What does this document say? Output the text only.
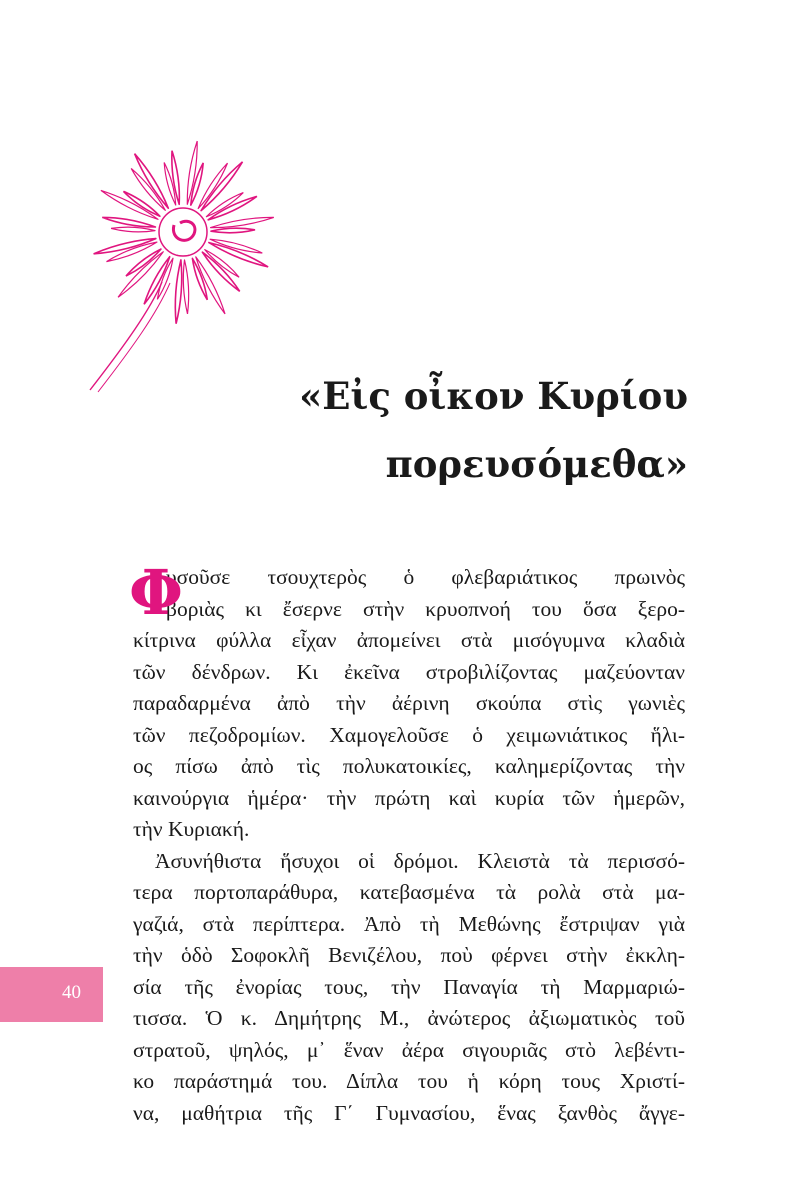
«Εἰς οἶκον Κυρίου
πορευσόμεθα»
Φ
υσοῦσε τσουχτερὸς ὁ φλεβαριάτικος πρωινὸς
βοριὰς κι ἔσερνε στὴν κρυοπνοή του ὅσα ξερο-
κίτρινα φύλλα εἶχαν ἀπομείνει στὰ μισόγυμνα κλαδιὰ
τῶν δένδρων. Κι ἐκεῖνα στροβιλίζοντας μαζεύονταν
παραδαρμένα ἀπὸ τὴν ἀέρινη σκούπα στὶς γωνιὲς
τῶν πεζοδρομίων. Χαμογελοῦσε ὁ χειμωνιάτικος ἥλι-
ος πίσω ἀπὸ τὶς πολυκατοικίες, καλημερίζοντας τὴν
καινούργια ἡμέρα· τὴν πρώτη καὶ κυρία τῶν ἡμερῶν,
τὴν Κυριακή.
Ἀσυνήθιστα ἥσυχοι οἱ δρόμοι. Κλειστὰ τὰ περισσό-
τερα πορτοπαράθυρα, κατεβασμένα τὰ ρολὰ στὰ μα-
γαζιά, στὰ περίπτερα. Ἀπὸ τὴ Μεθώνης ἔστριψαν γιὰ
τὴν ὁδὸ Σοφοκλῆ Βενιζέλου, ποὺ φέρνει στὴν ἐκκλη-
σία τῆς ἐνορίας τους, τὴν Παναγία τὴ Μαρμαριώ-
τισσα. Ὁ κ. Δημήτρης Μ., ἀνώτερος ἀξιωματικὸς τοῦ
στρατοῦ, ψηλός, μ᾽ ἕναν ἀέρα σιγουριᾶς στὸ λεβέντι-
κο παράστημά του. Δίπλα του ἡ κόρη τους Χριστί-
να, μαθήτρια τῆς Γ΄ Γυμνασίου, ἕνας ξανθὸς ἄγγε-
40
